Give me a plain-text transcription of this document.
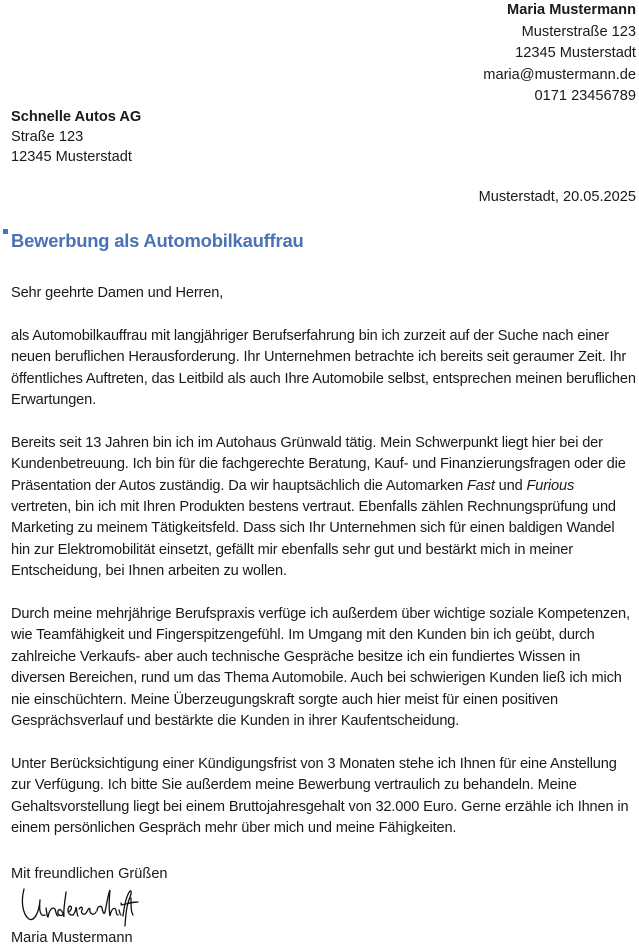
Maria Mustermann
Musterstraße 123
12345 Musterstadt
maria@mustermann.de
0171 23456789
Schnelle Autos AG
Straße 123
12345 Musterstadt
Musterstadt, 20.05.2025
Bewerbung als Automobilkauffrau

Sehr geehrte Damen und Herren,

als Automobilkauffrau mit langjähriger Berufserfahrung bin ich zurzeit auf der Suche nach einer neuen beruflichen Herausforderung. Ihr Unternehmen betrachte ich bereits seit geraumer Zeit. Ihr öffentliches Auftreten, das Leitbild als auch Ihre Automobile selbst, entsprechen meinen beruflichen Erwartungen.

Bereits seit 13 Jahren bin ich im Autohaus Grünwald tätig. Mein Schwerpunkt liegt hier bei der Kundenbetreuung. Ich bin für die fachgerechte Beratung, Kauf- und Finanzierungsfragen oder die Präsentation der Autos zuständig. Da wir hauptsächlich die Automarken Fast und Furious vertreten, bin ich mit Ihren Produkten bestens vertraut. Ebenfalls zählen Rechnungsprüfung und Marketing zu meinem Tätigkeitsfeld. Dass sich Ihr Unternehmen sich für einen baldigen Wandel hin zur Elektromobilität einsetzt, gefällt mir ebenfalls sehr gut und bestärkt mich in meiner Entscheidung, bei Ihnen arbeiten zu wollen.

Durch meine mehrjährige Berufspraxis verfüge ich außerdem über wichtige soziale Kompetenzen, wie Teamfähigkeit und Fingerspitzengefühl. Im Umgang mit den Kunden bin ich geübt, durch zahlreiche Verkaufs- aber auch technische Gespräche besitze ich ein fundiertes Wissen in diversen Bereichen, rund um das Thema Automobile. Auch bei schwierigen Kunden ließ ich mich nie einschüchtern. Meine Überzeugungskraft sorgte auch hier meist für einen positiven Gesprächsverlauf und bestärkte die Kunden in ihrer Kaufentscheidung.

Unter Berücksichtigung einer Kündigungsfrist von 3 Monaten stehe ich Ihnen für eine Anstellung zur Verfügung. Ich bitte Sie außerdem meine Bewerbung vertraulich zu behandeln. Meine Gehaltsvorstellung liegt bei einem Bruttojahresgehalt von 32.000 Euro. Gerne erzähle ich Ihnen in einem persönlichen Gespräch mehr über mich und meine Fähigkeiten.

Mit freundlichen Grüßen
Maria Mustermann
